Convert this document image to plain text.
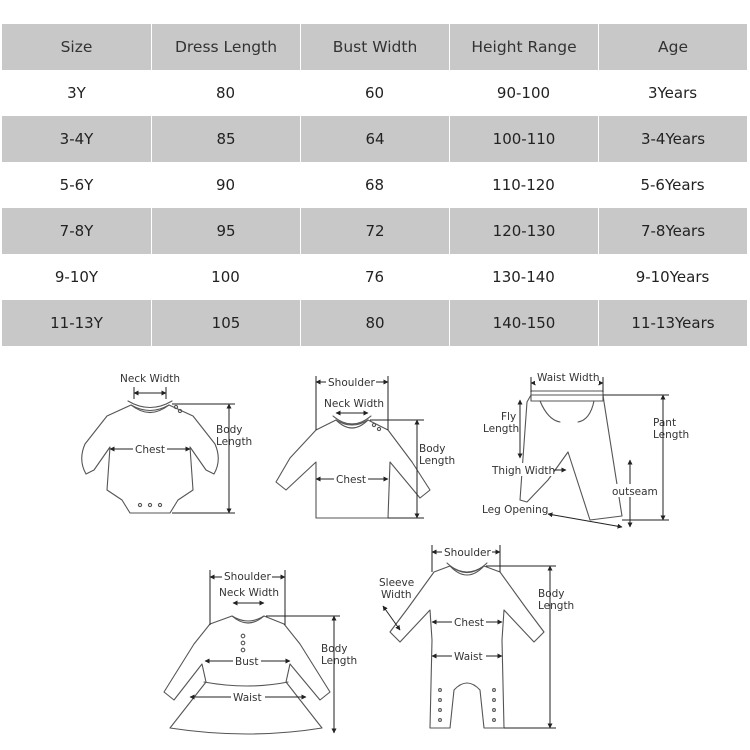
Size	Dress Length	Bust Width	Height Range	Age
3Y	80	60	90-100	3Years
3-4Y	85	64	100-110	3-4Years
5-6Y	90	68	110-120	5-6Years
7-8Y	95	72	120-130	7-8Years
9-10Y	100	76	130-140	9-10Years
11-13Y	105	80	140-150	11-13Years
Neck Width
Chest
Body
Length
Shoulder
Neck Width
Chest
Body
Length
Waist Width
Fly
Length	Pant
Length
Thigh Width
outseam
Leg Opening
Shoulder
Neck Width
Bust
Waist
Body
Length
Shoulder
Sleeve
Width
Chest
Waist
Body
Length
